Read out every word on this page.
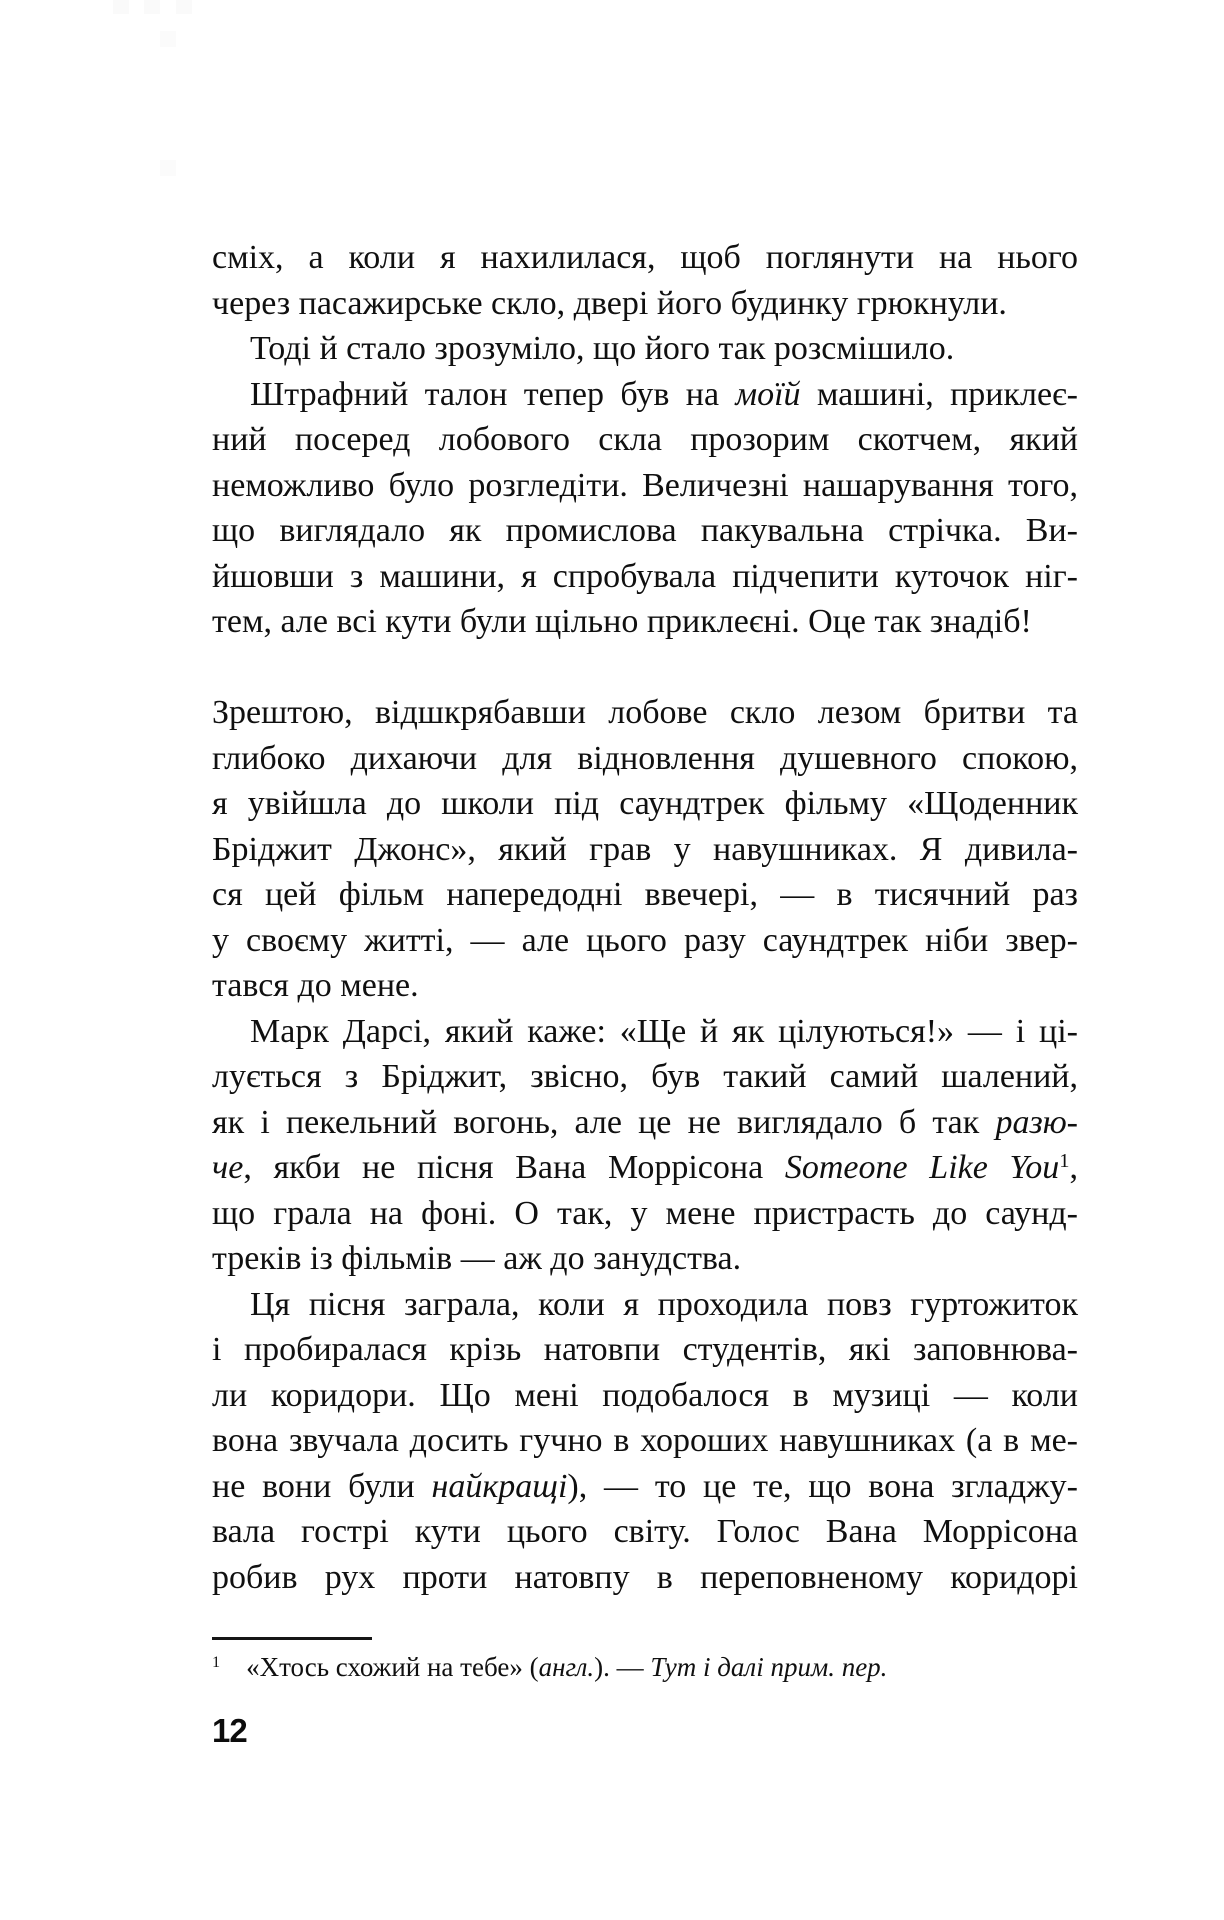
сміх, а коли я нахилилася, щоб поглянути на нього
через пасажирське скло, двері його будинку грюкнули.
Тоді й стало зрозуміло, що його так розсмішило.
Штрафний талон тепер був на моїй машині, приклеє-
ний посеред лобового скла прозорим скотчем, який
неможливо було розгледіти. Величезні нашарування того,
що виглядало як промислова пакувальна стрічка. Ви-
йшовши з машини, я спробувала підчепити куточок ніг-
тем, але всі кути були щільно приклеєні. Оце так знадіб!
Зрештою, відшкрябавши лобове скло лезом бритви та
глибоко дихаючи для відновлення душевного спокою,
я увійшла до школи під саундтрек фільму «Щоденник
Бріджит Джонс», який грав у навушниках. Я дивила-
ся цей фільм напередодні ввечері, — в тисячний раз
у своєму житті, — але цього разу саундтрек ніби звер-
тався до мене.
Марк Дарсі, який каже: «Ще й як цілуються!» — і ці-
лується з Бріджит, звісно, був такий самий шалений,
як і пекельний вогонь, але це не виглядало б так разю-
че, якби не пісня Вана Моррісона Someone Like You$^1$,
що грала на фоні. О так, у мене пристрасть до саунд-
треків із фільмів — аж до занудства.
Ця пісня заграла, коли я проходила повз гуртожиток
і пробиралася крізь натовпи студентів, які заповнюва-
ли коридори. Що мені подобалося в музиці — коли
вона звучала досить гучно в хороших навушниках (а в ме-
не вони були найкращі), — то це те, що вона згладжу-
вала гострі кути цього світу. Голос Вана Моррісона
робив рух проти натовпу в переповненому коридорі
$^1$ «Хтось схожий на тебе» (англ.). — Тут і далі прим. пер.
12
